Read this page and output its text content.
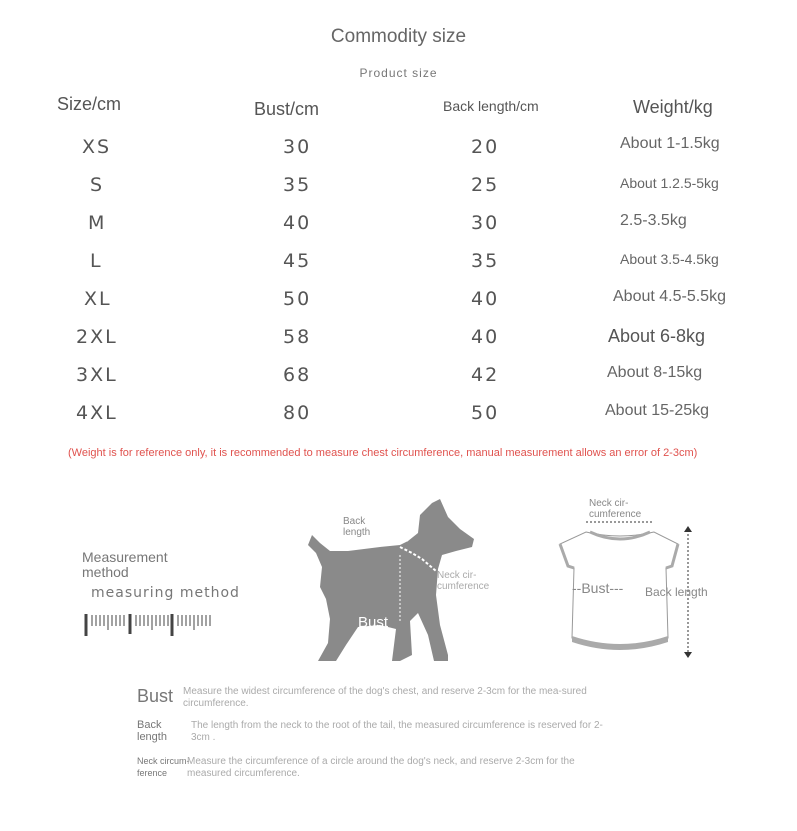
Commodity size
Product size
Size/cm	Bust/cm	Back length/cm	Weight/kg
XS	30	20	About 1-1.5kg
S	35	25	About 1.2.5-5kg
M	40	30	2.5-3.5kg
L	45	35	About 3.5-4.5kg
XL	50	40	About 4.5-5.5kg
2XL	58	40	About 6-8kg
3XL	68	42	About 8-15kg
4XL	80	50	About 15-25kg
(Weight is for reference only, it is recommended to measure chest circumference, manual measurement allows an error of 2-3cm)
Measurement method
measuring method
Back length
Neck cir-cumference
Bust
Neck cir-cumference
--Bust--- Back length
Bust Measure the widest circumference of the dog's chest, and reserve 2-3cm for the mea-sured circumference.
Back length
The length from the neck to the root of the tail, the measured circumference is reserved for 2-3cm .
Neck circum-ference
Measure the circumference of a circle around the dog's neck, and reserve 2-3cm for the measured circumference.
